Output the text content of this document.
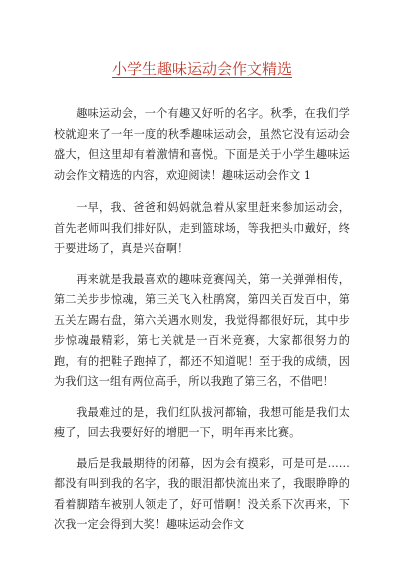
小学生趣味运动会作文精选

趣味运动会，一个有趣又好听的名字。秋季，在我们学校就迎来了一年一度的秋季趣味运动会，虽然它没有运动会盛大，但这里却有着激情和喜悦。下面是关于小学生趣味运动会作文精选的内容，欢迎阅读！趣味运动会作文 1

一早，我、爸爸和妈妈就急着从家里赶来参加运动会，首先老师叫我们排好队，走到篮球场，等我把头巾戴好，终于要进场了，真是兴奋啊！

再来就是我最喜欢的趣味竞赛闯关，第一关弹弹相传，第二关步步惊魂，第三关飞入杜鹃窝，第四关百发百中，第五关左踢右盘，第六关遇水则发，我觉得都很好玩，其中步步惊魂最精彩，第七关就是一百米竞赛，大家都很努力的跑，有的把鞋子跑掉了，都还不知道呢！至于我的成绩，因为我们这一组有两位高手，所以我跑了第三名，不借吧！

我最难过的是，我们红队拔河都输，我想可能是我们太瘦了，回去我要好好的增肥一下，明年再来比赛。

最后是我最期待的闭幕，因为会有摸彩，可是可是……都没有叫到我的名字，我的眼泪都快流出来了，我眼睁睁的看着脚踏车被别人领走了，好可惜啊！没关系下次再来，下次我一定会得到大奖！趣味运动会作文
